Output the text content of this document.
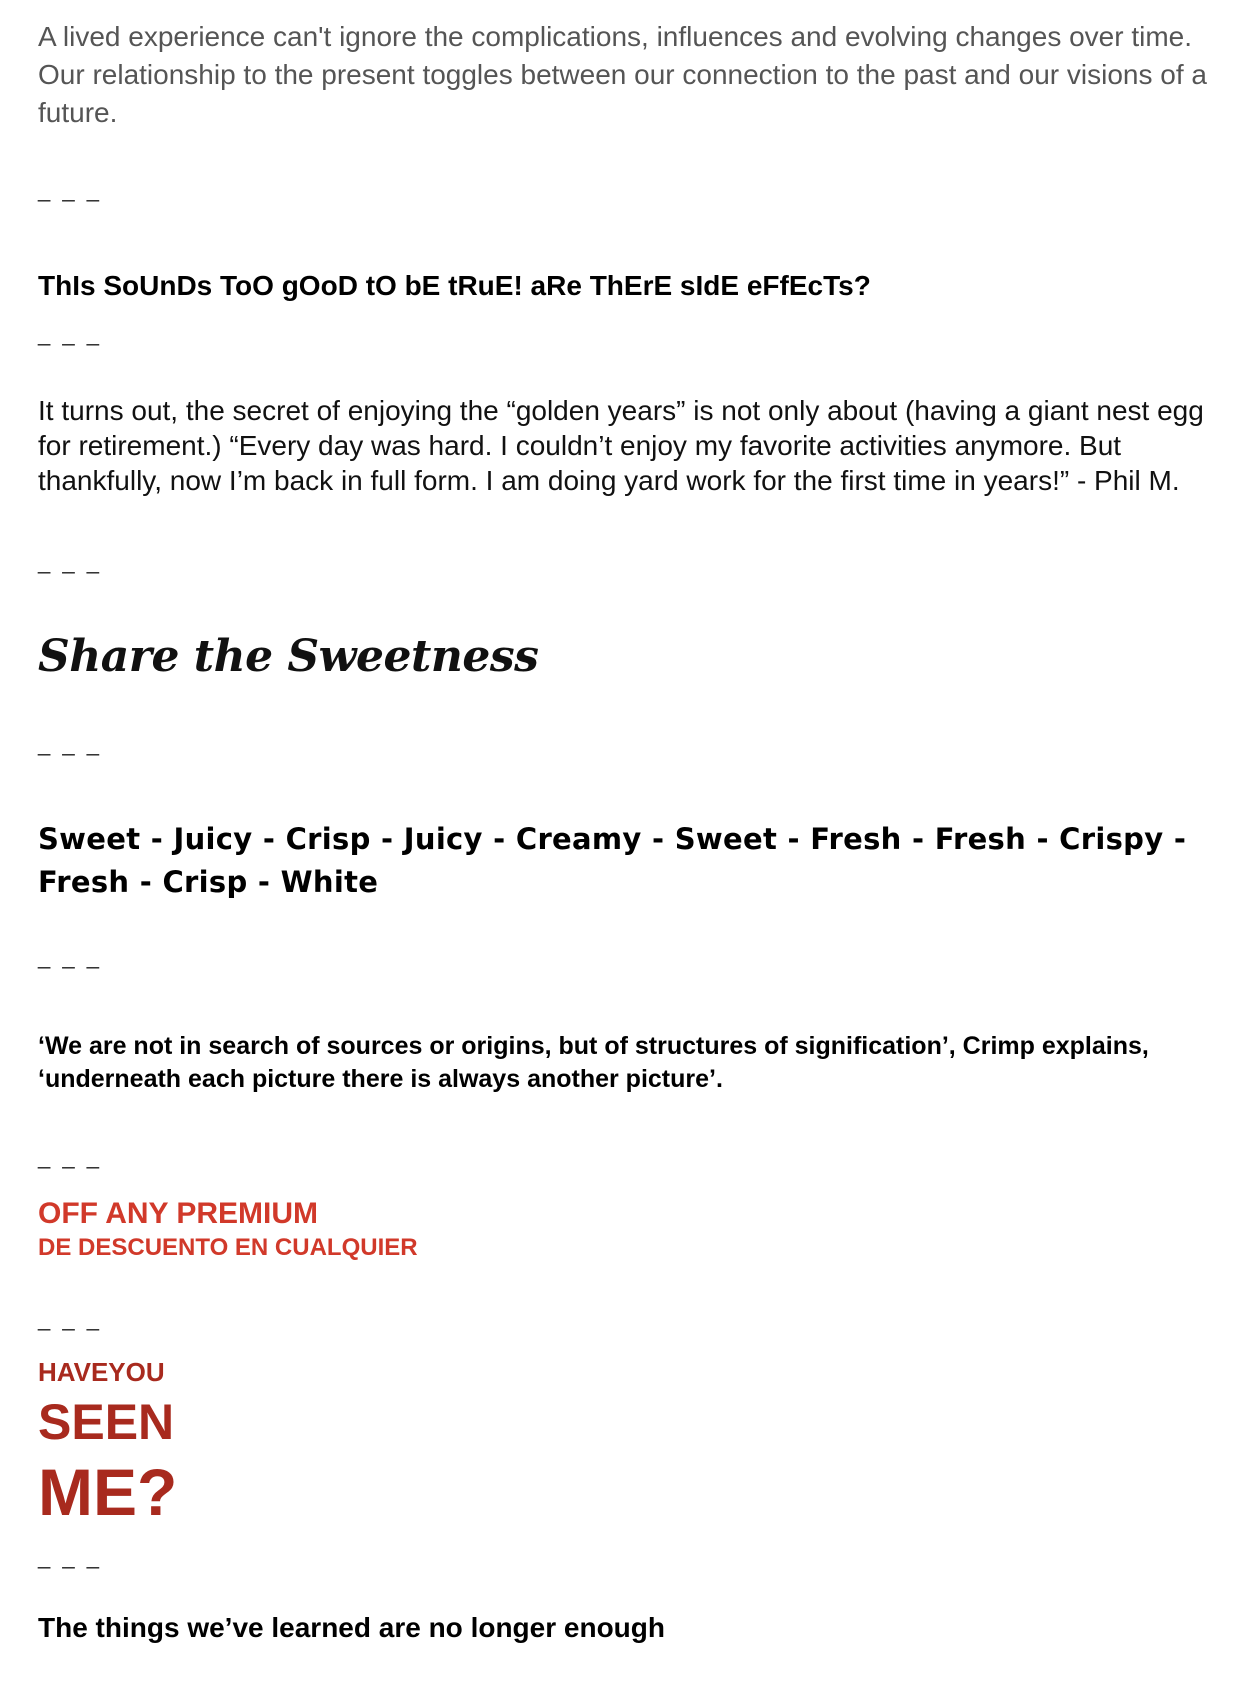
A lived experience can't ignore the complications, influences and evolving changes over time. Our relationship to the present toggles between our connection to the past and our visions of a future.

_ _ _

ThIs SoUnDs ToO gOoD tO bE tRuE! aRe ThErE sIdE eFfEcTs?

_ _ _

It turns out, the secret of enjoying the “golden years” is not only about (having a giant nest egg for retirement.) “Every day was hard. I couldn’t enjoy my favorite activities anymore. But thankfully, now I’m back in full form. I am doing yard work for the first time in years!” - Phil M.

_ _ _
Share the Sweetness
_ _ _

Sweet - Juicy - Crisp - Juicy - Creamy - Sweet - Fresh - Fresh - Crispy - Fresh - Crisp - White

_ _ _

‘We are not in search of sources or origins, but of structures of signification’, Crimp explains, ‘underneath each picture there is always another picture’.

_ _ _
OFF ANY PREMIUM
DE DESCUENTO EN CUALQUIER
_ _ _
HAVEYOU
SEEN
ME?
_ _ _

The things we’ve learned are no longer enough
